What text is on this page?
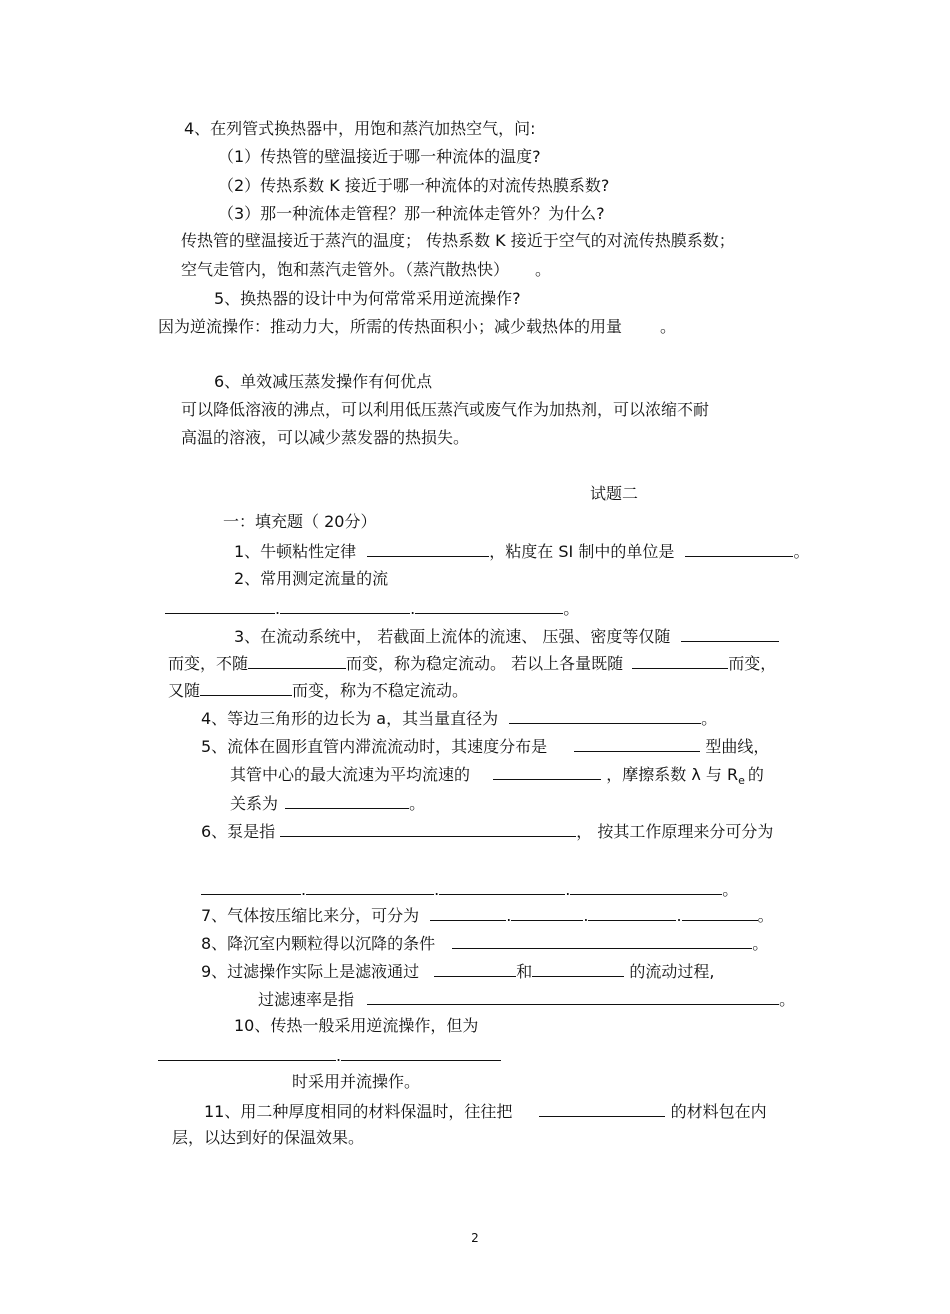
4、在列管式换热器中，用饱和蒸汽加热空气，问:
（1）传热管的壁温接近于哪一种流体的温度?
（2）传热系数 K 接近于哪一种流体的对流传热膜系数?
（3）那一种流体走管程？那一种流体走管外？为什么?
传热管的壁温接近于蒸汽的温度； 传热系数 K 接近于空气的对流传热膜系数；
空气走管内，饱和蒸汽走管外。（蒸汽散热快） 。
5、换热器的设计中为何常常采用逆流操作?
因为逆流操作：推动力大，所需的传热面积小；减少载热体的用量 。
6、单效减压蒸发操作有何优点
可以降低溶液的沸点，可以利用低压蒸汽或废气作为加热剂，可以浓缩不耐
高温的溶液，可以减少蒸发器的热损失。
试题二
一：填充题（ 20分）
1、牛顿粘性定律	，粘度在 SI 制中的单位是	。
2、常用测定流量的流
.	.	。
3、在流动系统中， 若截面上流体的流速、 压强、密度等仅随
而变，不随	而变，称为稳定流动。 若以上各量既随	而变，
又随	而变，称为不稳定流动。
4、等边三角形的边长为 a，其当量直径为	。
5、流体在圆形直管内滞流流动时，其速度分布是	型曲线，
其管中心的最大流速为平均流速的	，摩擦系数 λ 与 $R_e$ 的
关系为	。
6、泵是指	， 按其工作原理来分可分为
.	.	.	。
7、气体按压缩比来分，可分为	.	.	.	。
8、降沉室内颗粒得以沉降的条件	。
9、过滤操作实际上是滤液通过	和	的流动过程,
过滤速率是指	。
10、传热一般采用逆流操作，但为
.
时采用并流操作。
11、用二种厚度相同的材料保温时，往往把	的材料包在内
层，以达到好的保温效果。
2
